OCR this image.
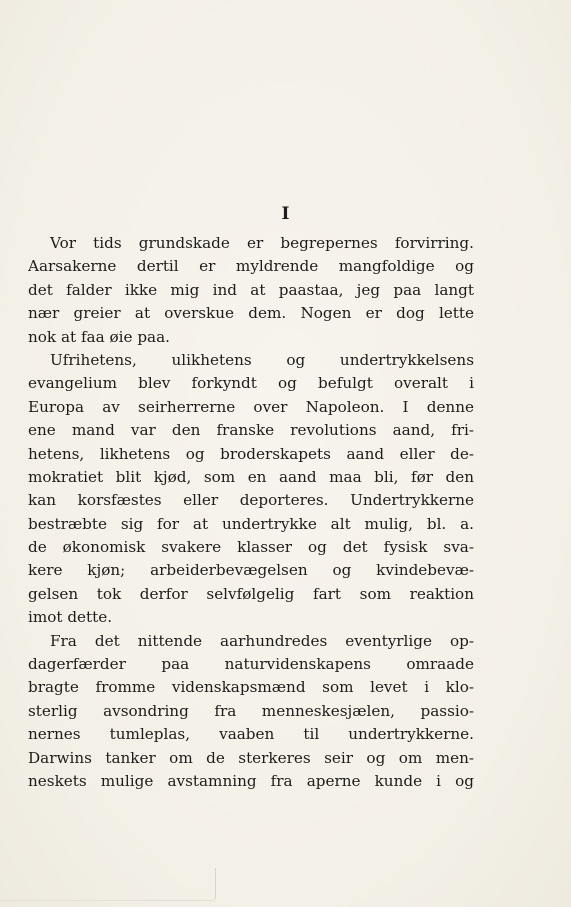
I
Vor tids grundskade er begrepernes forvirring.
Aarsakerne dertil er myldrende mangfoldige og
det falder ikke mig ind at paastaa, jeg paa langt
nær greier at overskue dem. Nogen er dog lette
nok at faa øie paa.
Ufrihetens, ulikhetens og undertrykkelsens
evangelium blev forkyndt og befulgt overalt i
Europa av seirherrerne over Napoleon. I denne
ene mand var den franske revolutions aand, fri-
hetens, likhetens og broderskapets aand eller de-
mokratiet blit kjød, som en aand maa bli, før den
kan korsfæstes eller deporteres. Undertrykkerne
bestræbte sig for at undertrykke alt mulig, bl. a.
de økonomisk svakere klasser og det fysisk sva-
kere kjøn; arbeiderbevægelsen og kvindebevæ-
gelsen tok derfor selvfølgelig fart som reaktion
imot dette.
Fra det nittende aarhundredes eventyrlige op-
dagerfærder paa naturvidenskapens omraade
bragte fromme videnskapsmænd som levet i klo-
sterlig avsondring fra menneskesjælen, passio-
nernes tumleplas, vaaben til undertrykkerne.
Darwins tanker om de sterkeres seir og om men-
neskets mulige avstamning fra aperne kunde i og
